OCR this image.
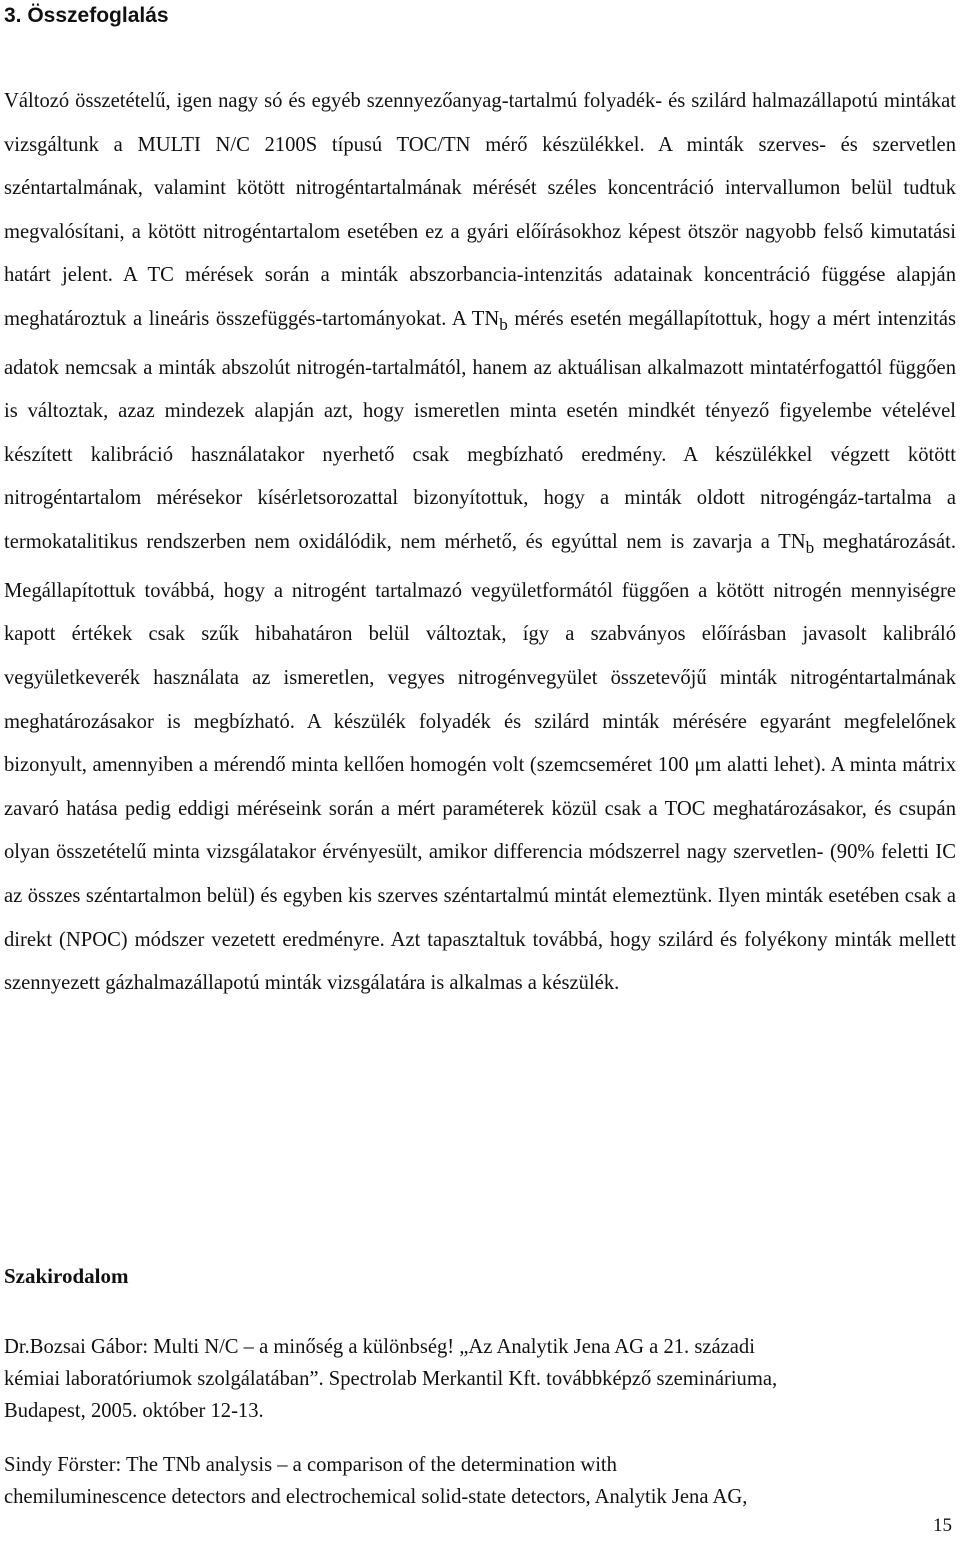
3. Összefoglalás

Változó összetételű, igen nagy só és egyéb szennyezőanyag-tartalmú folyadék- és szilárd halmazállapotú mintákat vizsgáltunk a MULTI N/C 2100S típusú TOC/TN mérő készülékkel. A minták szerves- és szervetlen széntartalmának, valamint kötött nitrogéntartalmának mérését széles koncentráció intervallumon belül tudtuk megvalósítani, a kötött nitrogéntartalom esetében ez a gyári előírásokhoz képest ötször nagyobb felső kimutatási határt jelent. A TC mérések során a minták abszorbancia-intenzitás adatainak koncentráció függése alapján meghatároztuk a lineáris összefüggés-tartományokat. A $TN_b$ mérés esetén megállapítottuk, hogy a mért intenzitás adatok nemcsak a minták abszolút nitrogén-tartalmától, hanem az aktuálisan alkalmazott mintatérfogattól függően is változtak, azaz mindezek alapján azt, hogy ismeretlen minta esetén mindkét tényező figyelembe vételével készített kalibráció használatakor nyerhető csak megbízható eredmény. A készülékkel végzett kötött nitrogéntartalom mérésekor kísérletsorozattal bizonyítottuk, hogy a minták oldott nitrogéngáz-tartalma a termokatalitikus rendszerben nem oxidálódik, nem mérhető, és egyúttal nem is zavarja a $TN_b$ meghatározását. Megállapítottuk továbbá, hogy a nitrogént tartalmazó vegyületformától függően a kötött nitrogén mennyiségre kapott értékek csak szűk hibahatáron belül változtak, így a szabványos előírásban javasolt kalibráló vegyületkeverék használata az ismeretlen, vegyes nitrogénvegyület összetevőjű minták nitrogéntartalmának meghatározásakor is megbízható. A készülék folyadék és szilárd minták mérésére egyaránt megfelelőnek bizonyult, amennyiben a mérendő minta kellően homogén volt (szemcseméret 100 μm alatti lehet). A minta mátrix zavaró hatása pedig eddigi méréseink során a mért paraméterek közül csak a TOC meghatározásakor, és csupán olyan összetételű minta vizsgálatakor érvényesült, amikor differencia módszerrel nagy szervetlen- (90% feletti IC az összes széntartalmon belül) és egyben kis szerves széntartalmú mintát elemeztünk. Ilyen minták esetében csak a direkt (NPOC) módszer vezetett eredményre. Azt tapasztaltuk továbbá, hogy szilárd és folyékony minták mellett szennyezett gázhalmazállapotú minták vizsgálatára is alkalmas a készülék.

Szakirodalom
Dr.Bozsai Gábor: Multi N/C – a minőség a különbség! „Az Analytik Jena AG a 21. századi
kémiai laboratóriumok szolgálatában”. Spectrolab Merkantil Kft. továbbképző szemináriuma,
Budapest, 2005. október 12-13.
Sindy Förster: The TNb analysis – a comparison of the determination with
chemiluminescence detectors and electrochemical solid-state detectors, Analytik Jena AG,
15
